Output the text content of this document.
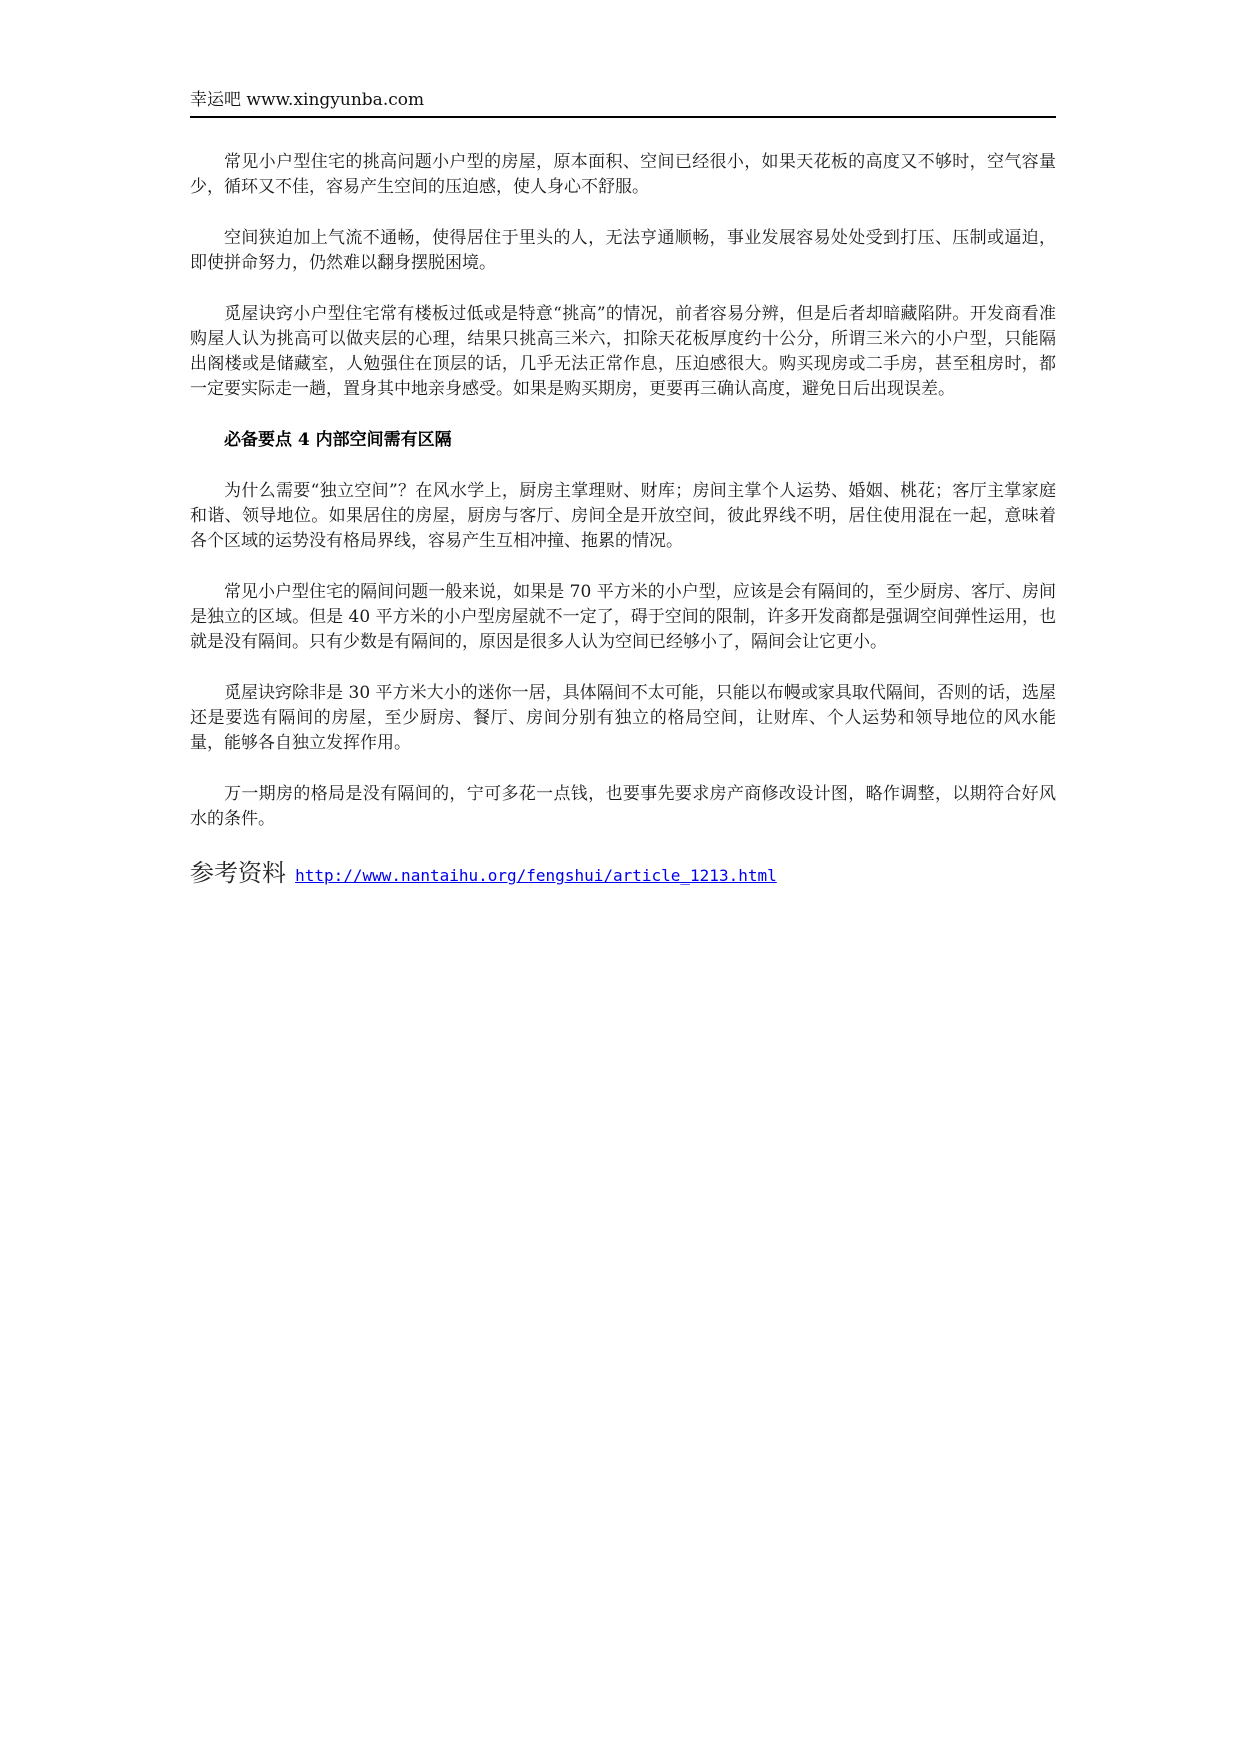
幸运吧 www.xingyunba.com

常见小户型住宅的挑高问题小户型的房屋，原本面积、空间已经很小，如果天花板的高度又不够时，空气容量少，循环又不佳，容易产生空间的压迫感，使人身心不舒服。

空间狭迫加上气流不通畅，使得居住于里头的人，无法亨通顺畅，事业发展容易处处受到打压、压制或逼迫，即使拼命努力，仍然难以翻身摆脱困境。

觅屋诀窍小户型住宅常有楼板过低或是特意“挑高”的情况，前者容易分辨，但是后者却暗藏陷阱。开发商看准购屋人认为挑高可以做夹层的心理，结果只挑高三米六，扣除天花板厚度约十公分，所谓三米六的小户型，只能隔出阁楼或是储藏室，人勉强住在顶层的话，几乎无法正常作息，压迫感很大。购买现房或二手房，甚至租房时，都一定要实际走一趟，置身其中地亲身感受。如果是购买期房，更要再三确认高度，避免日后出现误差。

必备要点 4 内部空间需有区隔

为什么需要“独立空间”？在风水学上，厨房主掌理财、财库；房间主掌个人运势、婚姻、桃花；客厅主掌家庭和谐、领导地位。如果居住的房屋，厨房与客厅、房间全是开放空间，彼此界线不明，居住使用混在一起，意味着各个区域的运势没有格局界线，容易产生互相冲撞、拖累的情况。

常见小户型住宅的隔间问题一般来说，如果是 70 平方米的小户型，应该是会有隔间的，至少厨房、客厅、房间是独立的区域。但是 40 平方米的小户型房屋就不一定了，碍于空间的限制，许多开发商都是强调空间弹性运用，也就是没有隔间。只有少数是有隔间的，原因是很多人认为空间已经够小了，隔间会让它更小。

觅屋诀窍除非是 30 平方米大小的迷你一居，具体隔间不太可能，只能以布幔或家具取代隔间，否则的话，选屋还是要选有隔间的房屋，至少厨房、餐厅、房间分别有独立的格局空间，让财库、个人运势和领导地位的风水能量，能够各自独立发挥作用。

万一期房的格局是没有隔间的，宁可多花一点钱，也要事先要求房产商修改设计图，略作调整，以期符合好风水的条件。

参考资料 http://www.nantaihu.org/fengshui/article_1213.html
